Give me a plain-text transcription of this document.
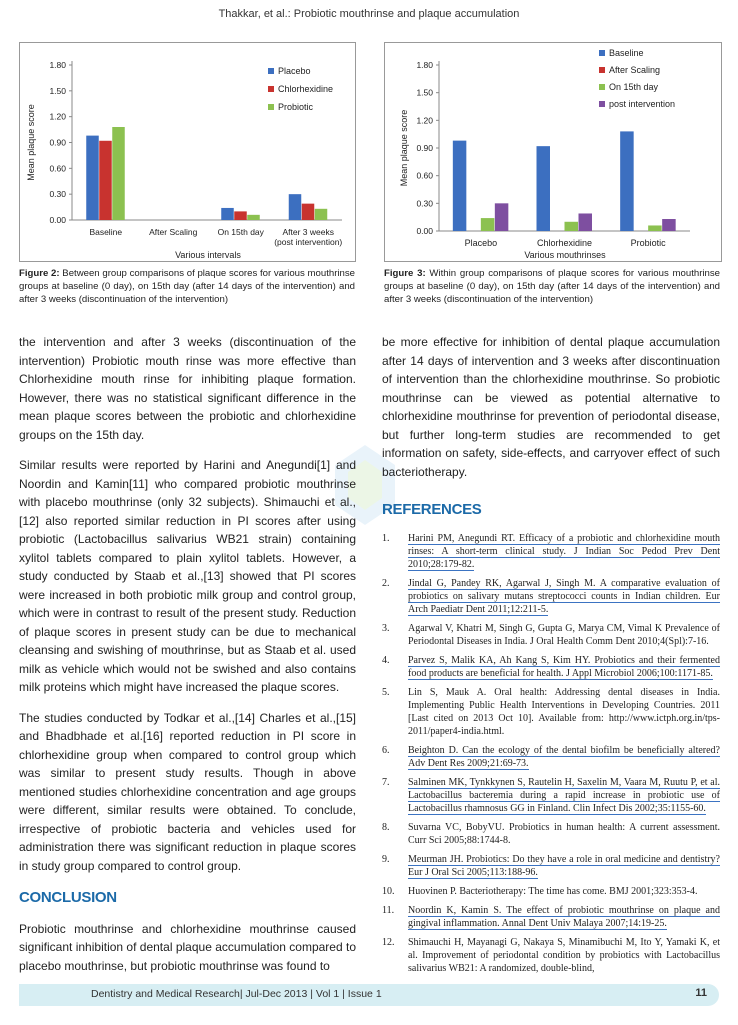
Thakkar, et al.: Probiotic mouthrinse and plaque accumulation
Mean plaque score
0.00
0.30
0.60
0.90
1.20
1.50
1.80
Baseline	After Scaling On 15th day	After 3 weeks (post intervention)
Various intervals
Placebo
Chlorhexidine
Probiotic
Mean plaque score
0.00
0.30
0.60
0.90
1.20
1.50
1.80
Placebo	Chlorhexidine	Probiotic
Various mouthrinses
Baseline
After Scaling
On 15th day
post intervention
Figure 2: Between group comparisons of plaque scores for various mouthrinse groups at baseline (0 day), on 15th day (after 14 days of the intervention) and after 3 weeks (discontinuation of the intervention)
Figure 3: Within group comparisons of plaque scores for various mouthrinse groups at baseline (0 day), on 15th day (after 14 days of the intervention) and after 3 weeks (discontinuation of the intervention)

the intervention and after 3 weeks (discontinuation of the intervention) Probiotic mouth rinse was more effective than Chlorhexidine mouth rinse for inhibiting plaque formation. However, there was no statistical significant difference in the mean plaque scores between the probiotic and chlorhexidine groups on the 15th day.

Similar results were reported by Harini and Anegundi[1] and Noordin and Kamin[11] who compared probiotic mouthrinse with placebo mouthrinse (only 32 subjects). Shimauchi et al.,[12] also reported similar reduction in PI scores after using probiotic (Lactobacillus salivarius WB21 strain) containing xylitol tablets compared to plain xylitol tablets. However, a study conducted by Staab et al.,[13] showed that PI scores were increased in both probiotic milk group and control group, which were in contrast to result of the present study. Reduction of plaque scores in present study can be due to mechanical cleansing and swishing of mouthrinse, but as Staab et al. used milk as vehicle which would not be swished and also contains milk proteins which might have increased the plaque scores.

The studies conducted by Todkar et al.,[14] Charles et al.,[15] and Bhadbhade et al.[16] reported reduction in PI score in chlorhexidine group when compared to control group which was similar to present study results. Though in above mentioned studies chlorhexidine concentration and age groups were different, similar results were obtained. To conclude, irrespective of probiotic bacteria and vehicles used for administration there was significant reduction in plaque scores in study group compared to control group.

CONCLUSION

Probiotic mouthrinse and chlorhexidine mouthrinse caused significant inhibition of dental plaque accumulation compared to placebo mouthrinse, but probiotic mouthrinse was found to

be more effective for inhibition of dental plaque accumulation after 14 days of intervention and 3 weeks after discontinuation of intervention than the chlorhexidine mouthrinse. So probiotic mouthrinse can be viewed as potential alternative to chlorhexidine mouthrinse for prevention of periodontal disease, but further long-term studies are recommended to get information on safety, side-effects, and carryover effect of such bacteriotherapy.

REFERENCES
1. Harini PM, Anegundi RT. Efficacy of a probiotic and chlorhexidine mouth rinses: A short-term clinical study. J Indian Soc Pedod Prev Dent 2010;28:179-82.
2. Jindal G, Pandey RK, Agarwal J, Singh M. A comparative evaluation of probiotics on salivary mutans streptococci counts in Indian children. Eur Arch Paediatr Dent 2011;12:211-5.
3. Agarwal V, Khatri M, Singh G, Gupta G, Marya CM, Vimal K Prevalence of Periodontal Diseases in India. J Oral Health Comm Dent 2010;4(Spl):7-16.
4. Parvez S, Malik KA, Ah Kang S, Kim HY. Probiotics and their fermented food products are beneficial for health. J Appl Microbiol 2006;100:1171-85.
5. Lin S, Mauk A. Oral health: Addressing dental diseases in India. Implementing Public Health Interventions in Developing Countries. 2011 [Last cited on 2013 Oct 10]. Available from: http://www.ictph.org.in/tps-2011/paper4-india.html.
6. Beighton D. Can the ecology of the dental biofilm be beneficially altered? Adv Dent Res 2009;21:69-73.
7. Salminen MK, Tynkkynen S, Rautelin H, Saxelin M, Vaara M, Ruutu P, et al. Lactobacillus bacteremia during a rapid increase in probiotic use of Lactobacillus rhamnosus GG in Finland. Clin Infect Dis 2002;35:1155-60.
8. Suvarna VC, BobyVU. Probiotics in human health: A current assessment. Curr Sci 2005;88:1744-8.
9. Meurman JH. Probiotics: Do they have a role in oral medicine and dentistry? Eur J Oral Sci 2005;113:188-96.
10. Huovinen P. Bacteriotherapy: The time has come. BMJ 2001;323:353-4.
11. Noordin K, Kamin S. The effect of probiotic mouthrinse on plaque and gingival inflammation. Annal Dent Univ Malaya 2007;14:19-25.
12. Shimauchi H, Mayanagi G, Nakaya S, Minamibuchi M, Ito Y, Yamaki K, et al. Improvement of periodontal condition by probiotics with Lactobacillus salivarius WB21: A randomized, double-blind,
Dentistry and Medical Research| Jul-Dec 2013 | Vol 1 | Issue 1	11
